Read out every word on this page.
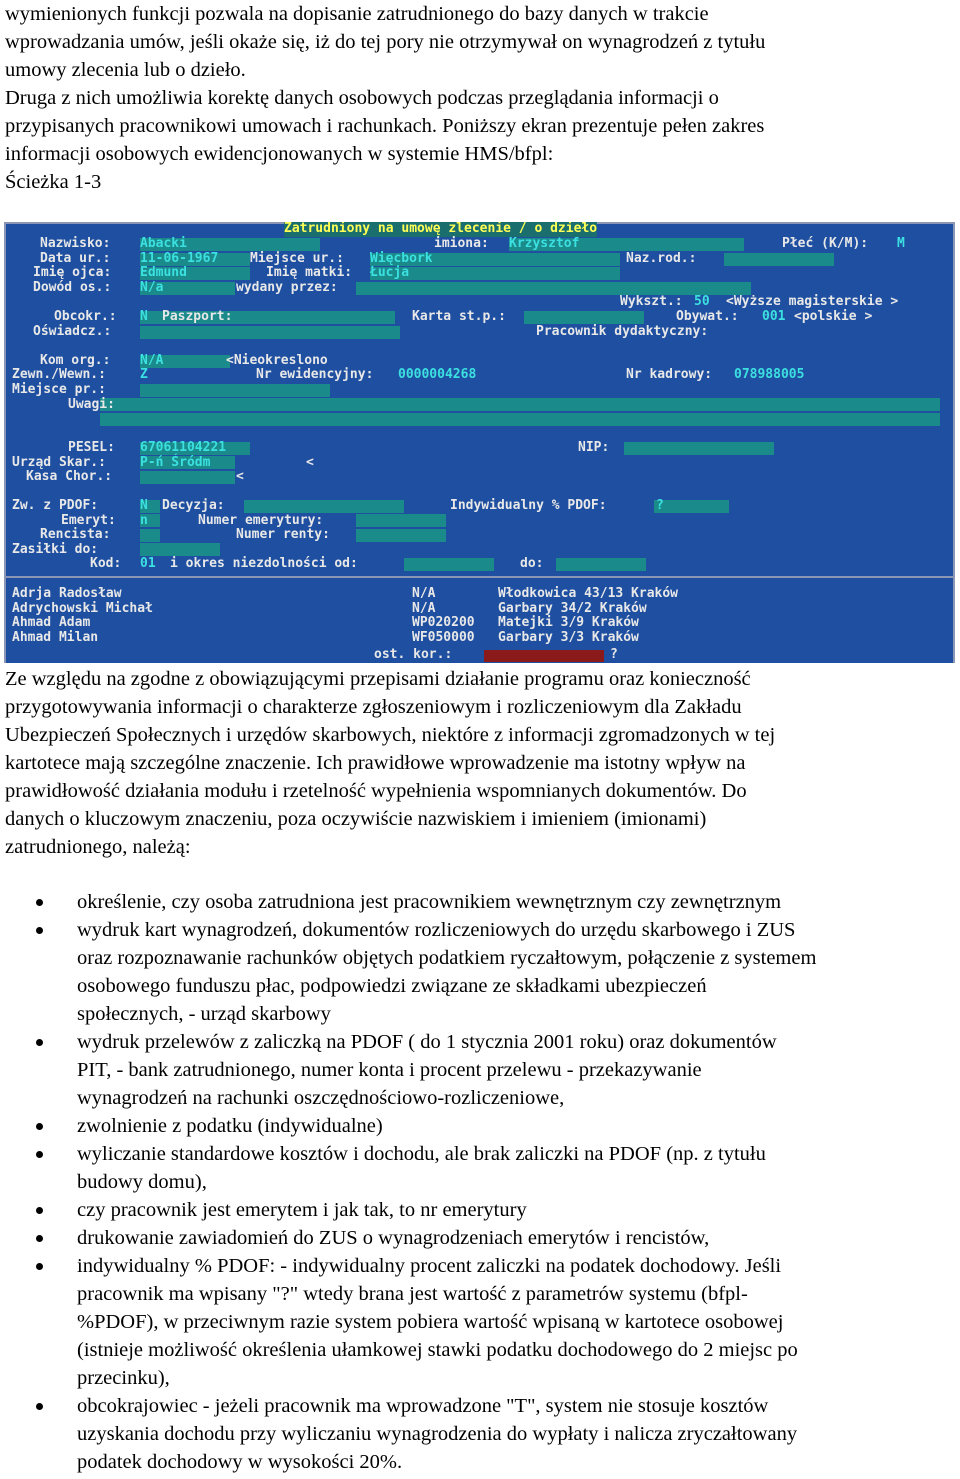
wymienionych funkcji pozwala na dopisanie zatrudnionego do bazy danych w trakcie
wprowadzania umów, jeśli okaże się, iż do tej pory nie otrzymywał on wynagrodzeń z tytułu
umowy zlecenia lub o dzieło.
Druga z nich umożliwia korektę danych osobowych podczas przeglądania informacji o
przypisanych pracownikowi umowach i rachunkach. Poniższy ekran prezentuje pełen zakres
informacji osobowych ewidencjonowanych w systemie HMS/bfpl:
Ścieżka 1-3

Zatrudniony na umowę zlecenie / o dzieło
Nazwisko: Abacki	imiona: Krzysztof	Płeć (K/M): M
Data ur.: 11-06-1967 Miejsce ur.: Więcbork	Naz.rod.:
Imię ojca: Edmund	Imię matki: Łucja
Dowód os.: N/a	wydany przez:
Wykszt.: 50 <Wyższe magisterskie >
Obcokr.: N Paszport:	Karta st.p.:	Obywat.: 001 <polskie >
Oświadcz.:	Pracownik dydaktyczny:
Kom org.: N/A	<Nieokreslono
Zewn./Wewn.:	Z	Nr ewidencyjny: 0000004268	Nr kadrowy: 078988005
Miejsce pr.:
Uwagi:
PESEL: 67061104221	NIP:
Urząd Skar.:	P-ń Śródm	<
Kasa Chor.:	<
Zw. z PDOF:	N Decyzja:	Indywidualny % PDOF:	?
Emeryt: n	Numer emerytury:
Rencista:	Numer renty:
Zasiłki do:
Kod: 01 i okres niezdolności od:	do:
Adrja Radosław	N/A	Włodkowica 43/13 Kraków
Adrychowski Michał	N/A	Garbary 34/2 Kraków
Ahmad Adam	WP020200 Matejki 3/9 Kraków
Ahmad Milan	WF050000 Garbary 3/3 Kraków
ost. kor.:	?

Ze względu na zgodne z obowiązującymi przepisami działanie programu oraz konieczność
przygotowywania informacji o charakterze zgłoszeniowym i rozliczeniowym dla Zakładu
Ubezpieczeń Społecznych i urzędów skarbowych, niektóre z informacji zgromadzonych w tej
kartotece mają szczególne znaczenie. Ich prawidłowe wprowadzenie ma istotny wpływ na
prawidłowość działania modułu i rzetelność wypełnienia wspomnianych dokumentów. Do
danych o kluczowym znaczeniu, poza oczywiście nazwiskiem i imieniem (imionami)
zatrudnionego, należą:

określenie, czy osoba zatrudniona jest pracownikiem wewnętrznym czy zewnętrznym
wydruk kart wynagrodzeń, dokumentów rozliczeniowych do urzędu skarbowego i ZUS
oraz rozpoznawanie rachunków objętych podatkiem ryczałtowym, połączenie z systemem
osobowego funduszu płac, podpowiedzi związane ze składkami ubezpieczeń
społecznych, - urząd skarbowy
wydruk przelewów z zaliczką na PDOF ( do 1 stycznia 2001 roku) oraz dokumentów
PIT, - bank zatrudnionego, numer konta i procent przelewu - przekazywanie
wynagrodzeń na rachunki oszczędnościowo-rozliczeniowe,
zwolnienie z podatku (indywidualne)
wyliczanie standardowe kosztów i dochodu, ale brak zaliczki na PDOF (np. z tytułu
budowy domu),
czy pracownik jest emerytem i jak tak, to nr emerytury
drukowanie zawiadomień do ZUS o wynagrodzeniach emerytów i rencistów,
indywidualny % PDOF: - indywidualny procent zaliczki na podatek dochodowy. Jeśli
pracownik ma wpisany "?" wtedy brana jest wartość z parametrów systemu (bfpl-
%PDOF), w przeciwnym razie system pobiera wartość wpisaną w kartotece osobowej
(istnieje możliwość określenia ułamkowej stawki podatku dochodowego do 2 miejsc po
przecinku),
obcokrajowiec - jeżeli pracownik ma wprowadzone "T", system nie stosuje kosztów
uzyskania dochodu przy wyliczaniu wynagrodzenia do wypłaty i nalicza zryczałtowany
podatek dochodowy w wysokości 20%.
